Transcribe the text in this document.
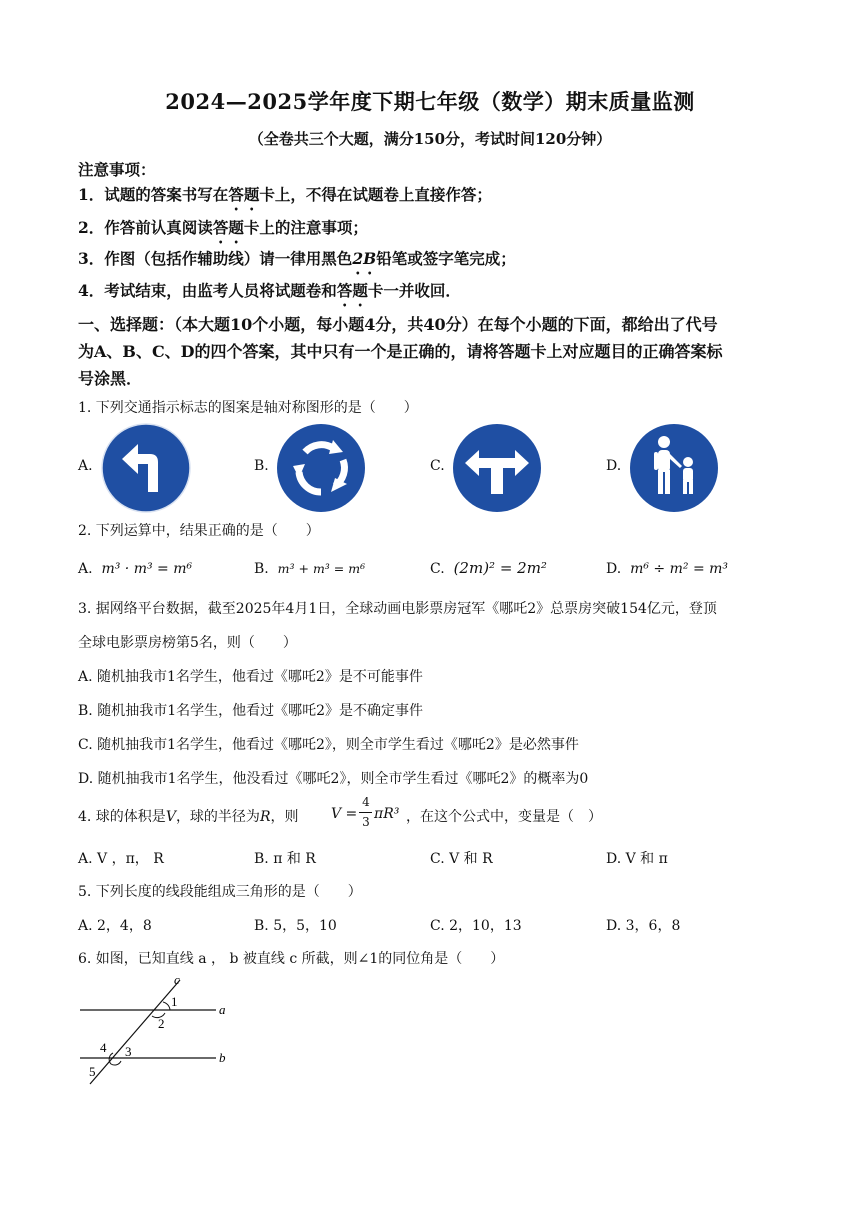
2024—2025学年度下期七年级（数学）期末质量监测
（全卷共三个大题，满分150分，考试时间120分钟）
注意事项：
1．试题的答案书写在答题卡上，不得在试题卷上直接作答；
2．作答前认真阅读答题卡上的注意事项；
3．作图（包括作辅助线）请一律用黑色2B铅笔或签字笔完成；
4．考试结束，由监考人员将试题卷和答题卡一并收回．
一、选择题：（本大题10个小题，每小题4分，共40分）在每个小题的下面，都给出了代号
为A、B、C、D的四个答案，其中只有一个是正确的，请将答题卡上对应题目的正确答案标
号涂黑．
1. 下列交通指示标志的图案是轴对称图形的是（　　）
A.	B.	C.	D.
2. 下列运算中，结果正确的是（　　）
A. m³ · m³ = m⁶	B. m³ + m³ = m⁶	C. (2m)² = 2m²	D. m⁶ ÷ m² = m³
3. 据网络平台数据，截至2025年4月1日，全球动画电影票房冠军《哪吒2》总票房突破154亿元，登顶
全球电影票房榜第5名，则（　　）
A. 随机抽我市1名学生，他看过《哪吒2》是不可能事件
B. 随机抽我市1名学生，他看过《哪吒2》是不确定事件
C. 随机抽我市1名学生，他看过《哪吒2》，则全市学生看过《哪吒2》是必然事件
D. 随机抽我市1名学生，他没看过《哪吒2》，则全市学生看过《哪吒2》的概率为0
4. 球的体积是V，球的半径为R，则 V =
4
3 πR³ ，在这个公式中，变量是（　）
A. V ，π， R	B. π 和 R	C. V 和 R	D. V 和 π
5. 下列长度的线段能组成三角形的是（　　）
A. 2，4，8	B. 5，5，10	C. 2，10，13	D. 3，6，8
6. 如图，已知直线 a ， b 被直线 c 所截，则∠1的同位角是（　　）
c
1
2
a
4 3
5
b
